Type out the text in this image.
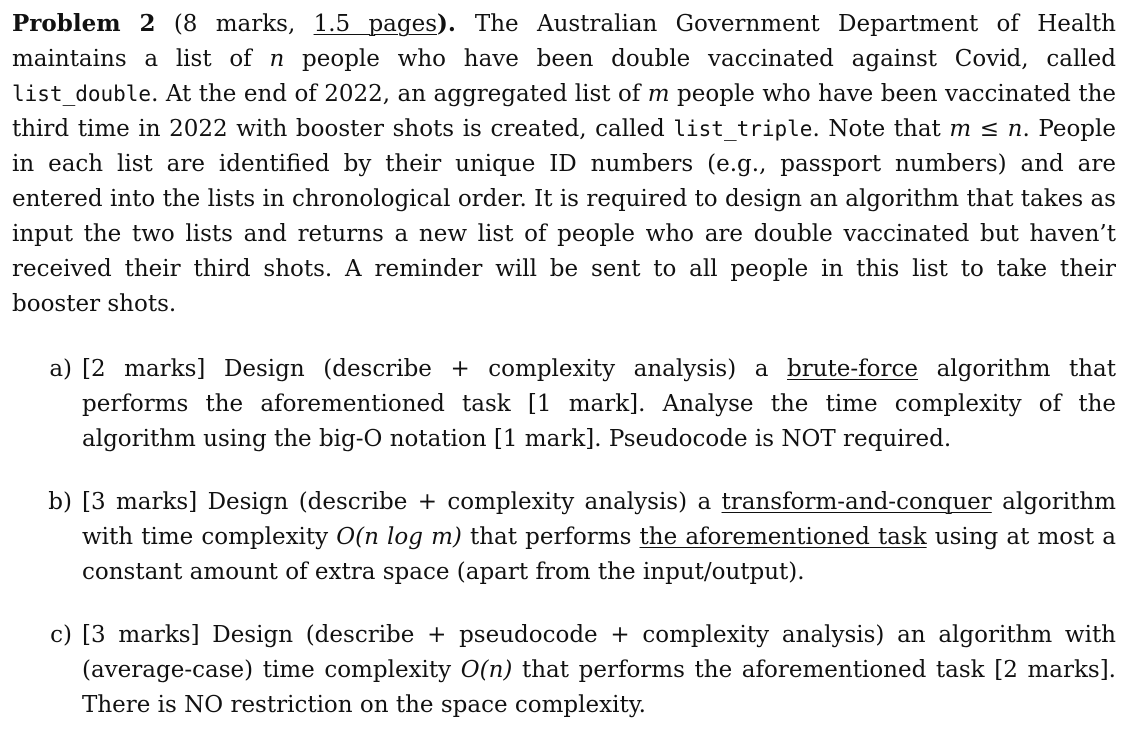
Problem 2 (8 marks, 1.5 pages). The Australian Government Department of Health maintains a list of n people who have been double vaccinated against Covid, called list_double. At the end of 2022, an aggregated list of m people who have been vaccinated the third time in 2022 with booster shots is created, called list_triple. Note that m ≤ n. People in each list are identified by their unique ID numbers (e.g., passport numbers) and are entered into the lists in chronological order. It is required to design an algorithm that takes as input the two lists and returns a new list of people who are double vaccinated but haven’t received their third shots. A reminder will be sent to all people in this list to take their booster shots.

a) [2 marks] Design (describe + complexity analysis) a brute-force algorithm that performs the aforementioned task [1 mark]. Analyse the time complexity of the algorithm using the big-O notation [1 mark]. Pseudocode is NOT required.
b) [3 marks] Design (describe + complexity analysis) a transform-and-conquer algorithm with time complexity O(n log m) that performs the aforementioned task using at most a constant amount of extra space (apart from the input/output).
c) [3 marks] Design (describe + pseudocode + complexity analysis) an algorithm with (average-case) time complexity O(n) that performs the aforementioned task [2 marks]. There is NO restriction on the space complexity.
